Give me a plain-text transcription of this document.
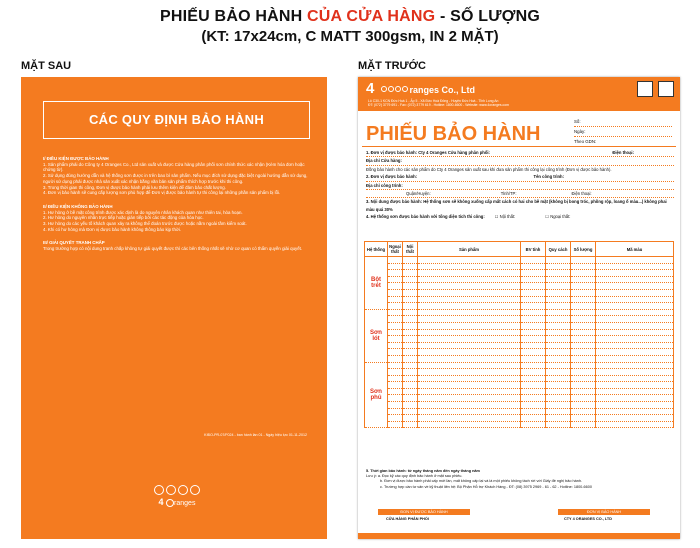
PHIẾU BẢO HÀNH CỦA CỬA HÀNG - SỐ LƯỢNG
(KT: 17x24cm, C MATT 300gsm, IN 2 MẶT)
MẶT SAU	MẶT TRƯỚC
CÁC QUY ĐỊNH BẢO HÀNH
I/ ĐIỀU KIỆN ĐƯỢC BẢO HÀNH
1. Sản phẩm phải do Công ty 4 Oranges Co., Ltd sản xuất và được Cửa hàng phân phối sơn chính thức xác nhận (Kèm hóa đơn hoặc chứng từ).
2. Sử dụng đúng hướng dẫn và hệ thống sơn được in trên bao bì sản phẩm. Nếu mục đích sử dụng đặc biệt ngoài hướng dẫn sử dụng, người sử dụng phải được nhà sản xuất xác nhận bằng văn bản sản phẩm thích hợp trước khi thi công.
3. Trong thời gian thi công, Đơn vị được bảo hành phải lưu thêm kiện để đảm bảo chất lượng.
4. Đơn vị bảo hành sẽ cung cấp lượng sơn phù hợp để Đơn vị được bảo hành tự thi công lại những phần sản phẩm bị lỗi.
II/ ĐIỀU KIỆN KHÔNG BẢO HÀNH
1. Hư hỏng ở bề mặt công trình được xác định là do nguyên nhân khách quan như thiên tai, hỏa hoạn.
2. Hư hỏng do nguyên nhân trực tiếp hoặc gián tiếp bởi các tác động của hóa học.
3. Hư hỏng do các yếu tố khách quan xảy ra không thể đoán trước được hoặc nằm ngoài tầm kiểm soát.
4. Khi có hư hỏng mà Đơn vị được bảo hành không thông báo kịp thời.
III/ GIẢI QUYẾT TRANH CHẤP
Trong trường hợp có nội dung tranh chấp không tự giải quyết được thì các bên thống nhất sẽ nhờ cơ quan có thẩm quyền giải quyết.
KIĐO-PR-07/F024 - ban hành lần 01 - Ngày hiệu lực 01-11-2012
4 ranges
4	ranges Co., Ltd
Lô C30-1 KCN Đức Hoà 1 - Ấp 5 - Xã Đức Hoà Đông - Huyện Đức Hoà - Tỉnh Long An
ĐT: (072) 3779 691 - Fax: (072) 3779 619 - Hotline: 1800-6600 - Website: www.4oranges.com
PHIẾU BẢO HÀNH
Số:
Ngày:
Theo GDN:
1. Đơn vị được bảo hành: Cty 4 Oranges Cửa hàng phân phối:	Điện thoại:
Địa chỉ Cửa hàng:
Đồng bảo hành cho các sản phẩm do Cty 4 Oranges sản xuất sau khi đưa sản phẩm thi công lại công trình (Đơn vị được bảo hành).
2. Đơn vị được bảo hành:	Tên công trình:
Địa chỉ công trình:
Quận/Huyện:	Tỉnh/TP:	Điện thoại:
3. Nội dung được bảo hành: Hệ thống sơn sẽ không xuống cấp mất cách có hai cho bề mặt (không bị bong tróc, phồng rộp, loang ố màu...) không phai màu quá 30%
4. Hệ thống sơn được bảo hành với tổng diện tích thi công: ☐ Nội thất:	☐ Ngoại thất:
Hệ thống	Ngoại thất	Nội thất	Sản phẩm	BV tính	Quy cách	Số lượng	Mã màu
Bột trét							

Sơn lót							

Sơn phủ							

5. Thời gian bảo hành: từ ngày tháng năm đến ngày tháng năm
Lưu ý: a. Đọc kỹ các quy định bảo hành ở mặt sau phiếu.
b. Đơn vị được bảo hành phải cấp mới lần, mất không cấp lại và là một phiếu không tách rời với Giấy đề nghị bảo hành.
c. Trường hợp cần tư vấn về kỹ thuật liên hệ: Bộ Phận Hỗ trợ Khách Hàng - ĐT: (08) 3975 2969 - 61 - 62 - Hotline: 1800-6600
ĐƠN VỊ ĐƯỢC BẢO HÀNH	ĐƠN VỊ BẢO HÀNH
CỬA HÀNG PHÂN PHỐI	CTY 4 ORANGES CO., LTD
